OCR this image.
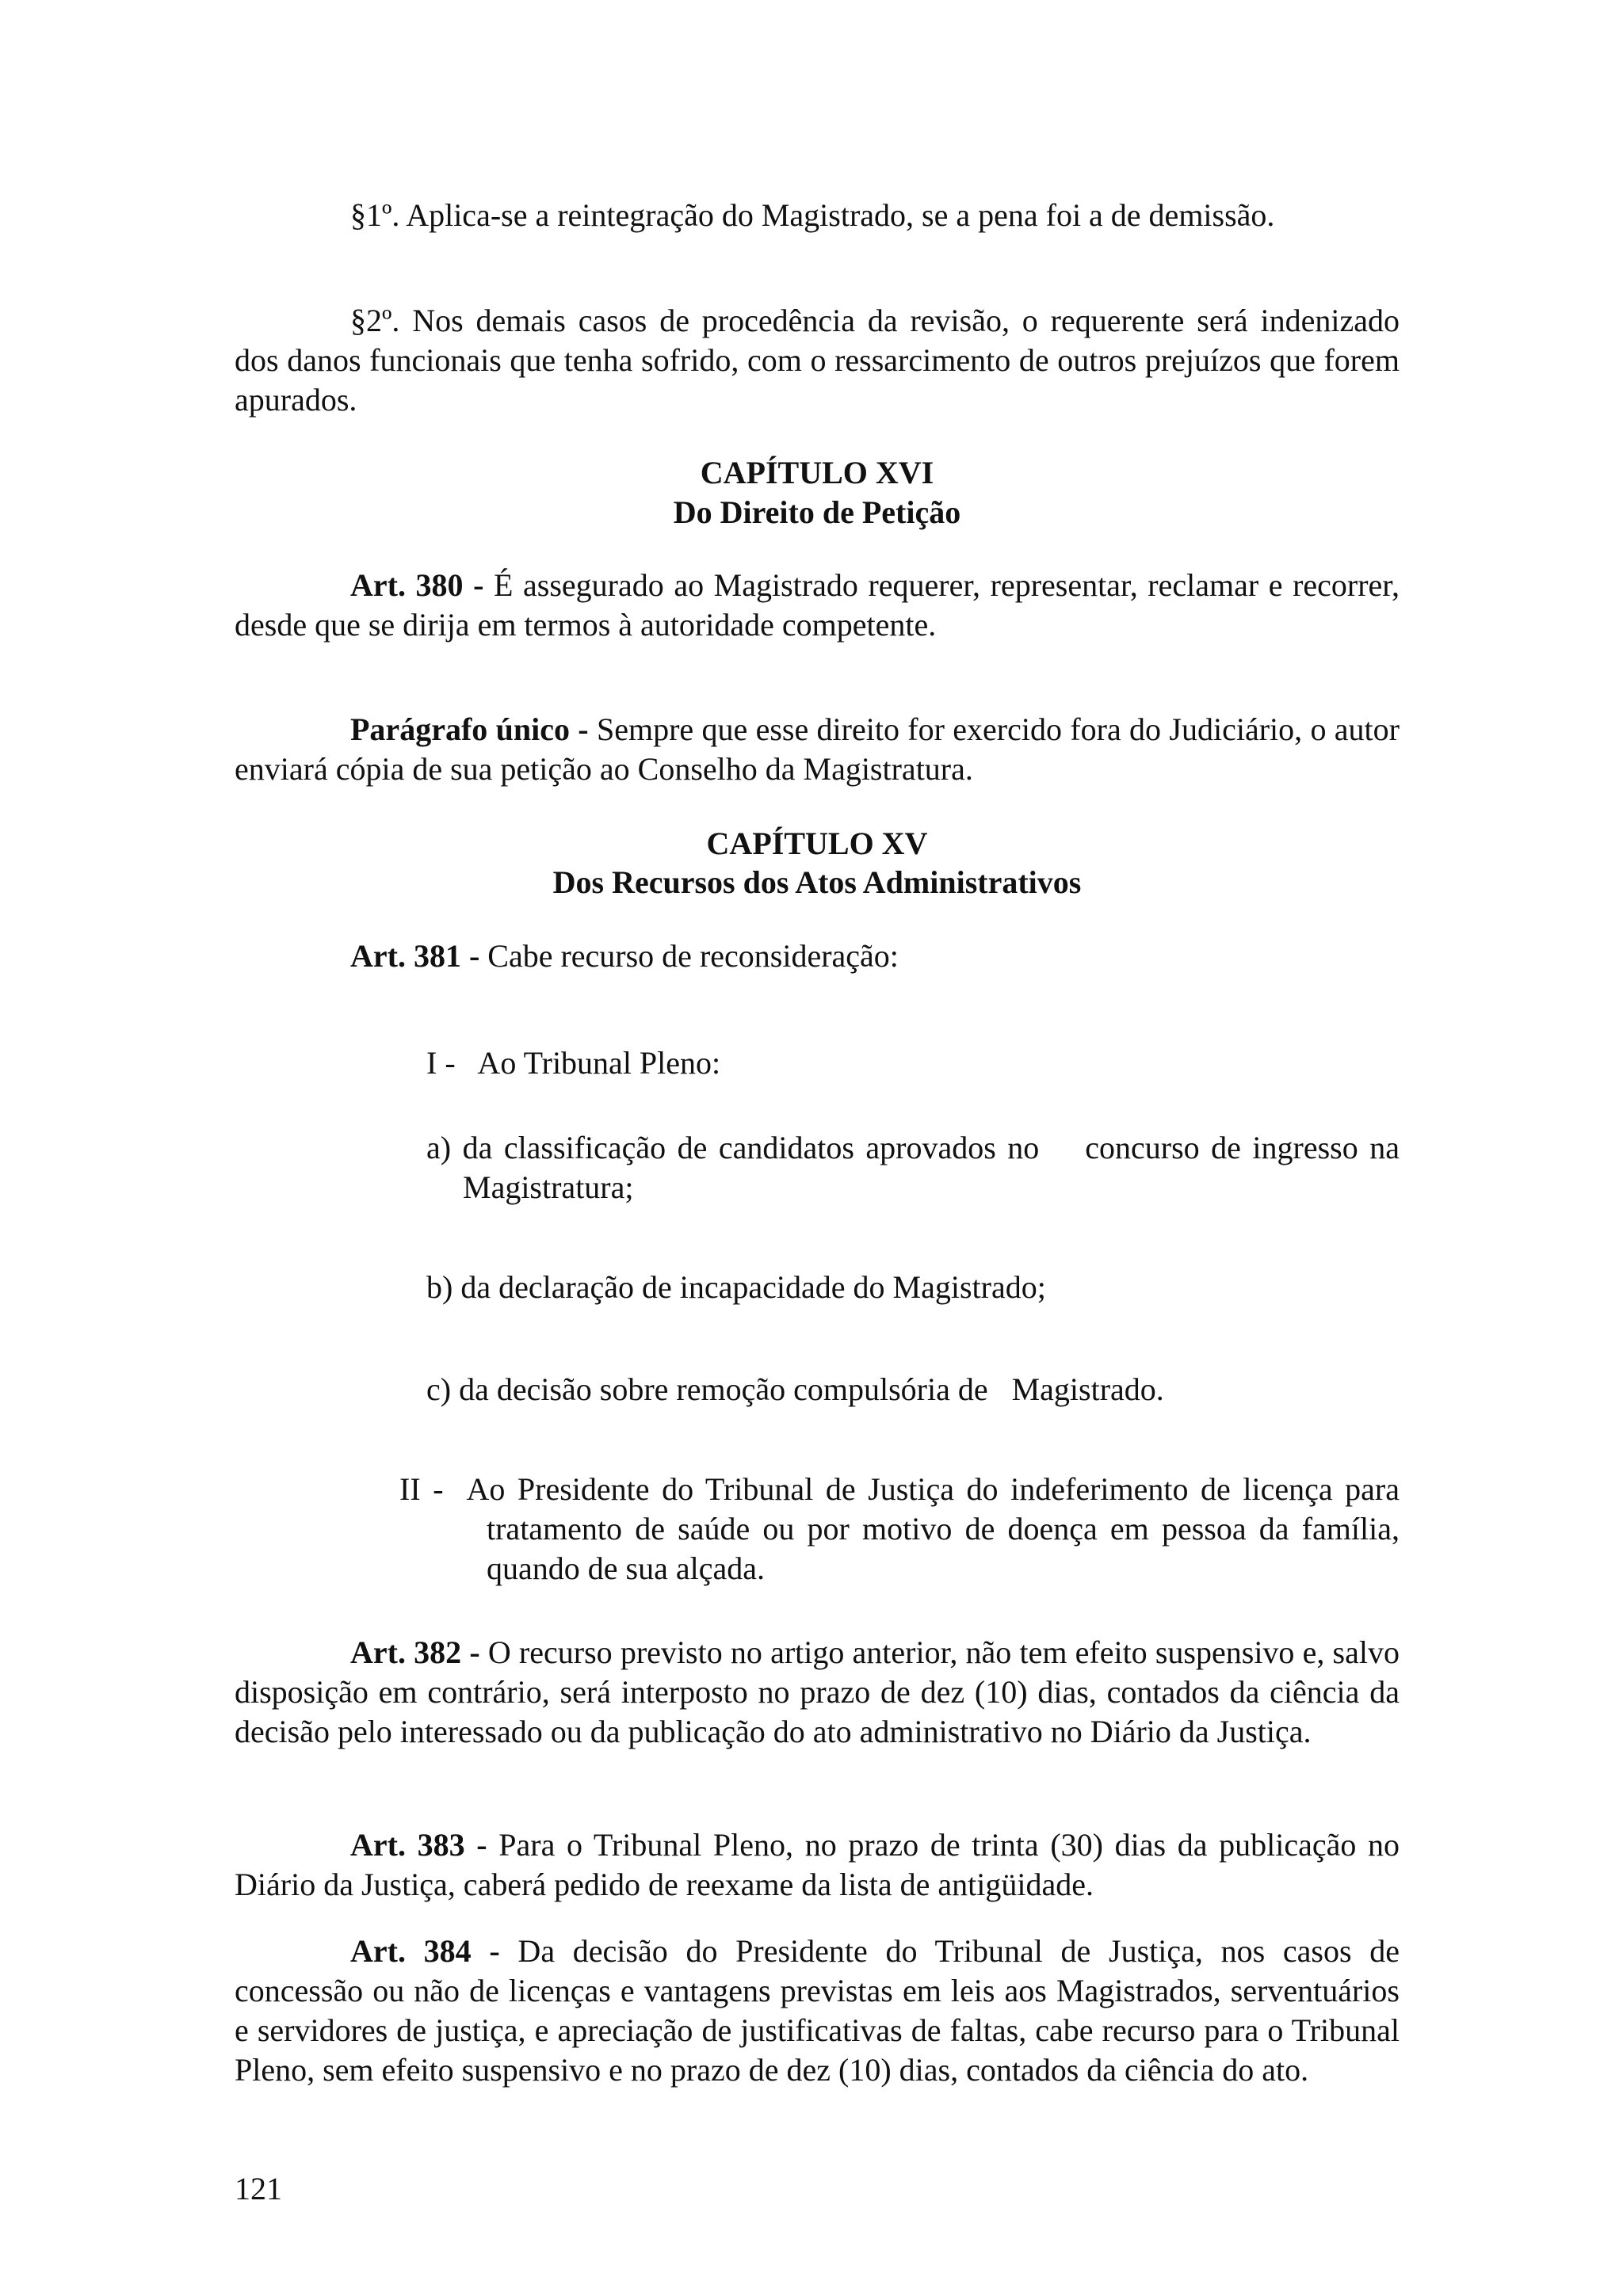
§1º. Aplica-se a reintegração do Magistrado, se a pena foi a de demissão.

§2º. Nos demais casos de procedência da revisão, o requerente será indenizado dos danos funcionais que tenha sofrido, com o ressarcimento de outros prejuízos que forem apurados.

CAPÍTULO XVI
Do Direito de Petição

Art. 380 - É assegurado ao Magistrado requerer, representar, reclamar e recorrer, desde que se dirija em termos à autoridade competente.

Parágrafo único - Sempre que esse direito for exercido fora do Judiciário, o autor enviará cópia de sua petição ao Conselho da Magistratura.

CAPÍTULO XV
Dos Recursos dos Atos Administrativos

Art. 381 - Cabe recurso de reconsideração:

I -   Ao Tribunal Pleno:

a) da classificação de candidatos aprovados no    concurso de ingresso na Magistratura;

b) da declaração de incapacidade do Magistrado;

c) da decisão sobre remoção compulsória de   Magistrado.

II -  Ao Presidente do Tribunal de Justiça do indeferimento de licença para tratamento de saúde ou por motivo de doença em pessoa da família, quando de sua alçada.

Art. 382 - O recurso previsto no artigo anterior, não tem efeito suspensivo e, salvo disposição em contrário, será interposto no prazo de dez (10) dias, contados da ciência da decisão pelo interessado ou da publicação do ato administrativo no Diário da Justiça.

Art. 383 - Para o Tribunal Pleno, no prazo de trinta (30) dias da publicação no Diário da Justiça, caberá pedido de reexame da lista de antigüidade.

Art. 384 - Da decisão do Presidente do Tribunal de Justiça, nos casos de concessão ou não de licenças e vantagens previstas em leis aos Magistrados, serventuários e servidores de justiça, e apreciação de justificativas de faltas, cabe recurso para o Tribunal Pleno, sem efeito suspensivo e no prazo de dez (10) dias, contados da ciência do ato.

121
